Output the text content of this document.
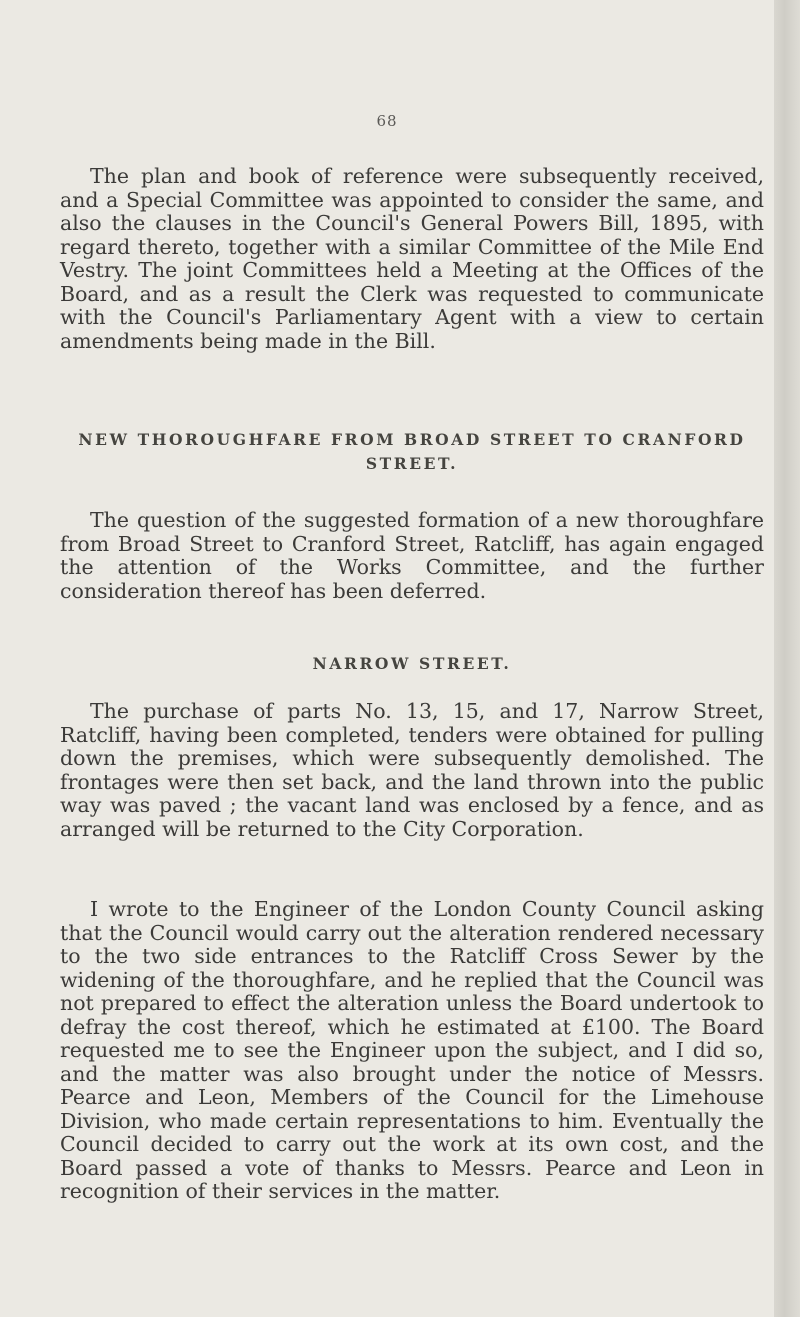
68

The plan and book of reference were subsequently received, and a Special Committee was appointed to consider the same, and also the clauses in the Council's General Powers Bill, 1895, with regard thereto, together with a similar Committee of the Mile End Vestry. The joint Committees held a Meeting at the Offices of the Board, and as a result the Clerk was requested to communicate with the Council's Parliamentary Agent with a view to certain amendments being made in the Bill.

NEW THOROUGHFARE FROM BROAD STREET TO CRANFORD STREET.

The question of the suggested formation of a new thoroughfare from Broad Street to Cranford Street, Ratcliff, has again engaged the attention of the Works Committee, and the further consideration thereof has been deferred.

NARROW STREET.

The purchase of parts No. 13, 15, and 17, Narrow Street, Ratcliff, having been completed, tenders were obtained for pulling down the premises, which were subsequently demolished. The frontages were then set back, and the land thrown into the public way was paved ; the vacant land was enclosed by a fence, and as arranged will be returned to the City Corporation.

I wrote to the Engineer of the London County Council asking that the Council would carry out the alteration rendered necessary to the two side entrances to the Ratcliff Cross Sewer by the widening of the thoroughfare, and he replied that the Council was not prepared to effect the alteration unless the Board undertook to defray the cost thereof, which he estimated at £100. The Board requested me to see the Engineer upon the subject, and I did so, and the matter was also brought under the notice of Messrs. Pearce and Leon, Members of the Council for the Limehouse Division, who made certain representations to him. Eventually the Council decided to carry out the work at its own cost, and the Board passed a vote of thanks to Messrs. Pearce and Leon in recognition of their services in the matter.
